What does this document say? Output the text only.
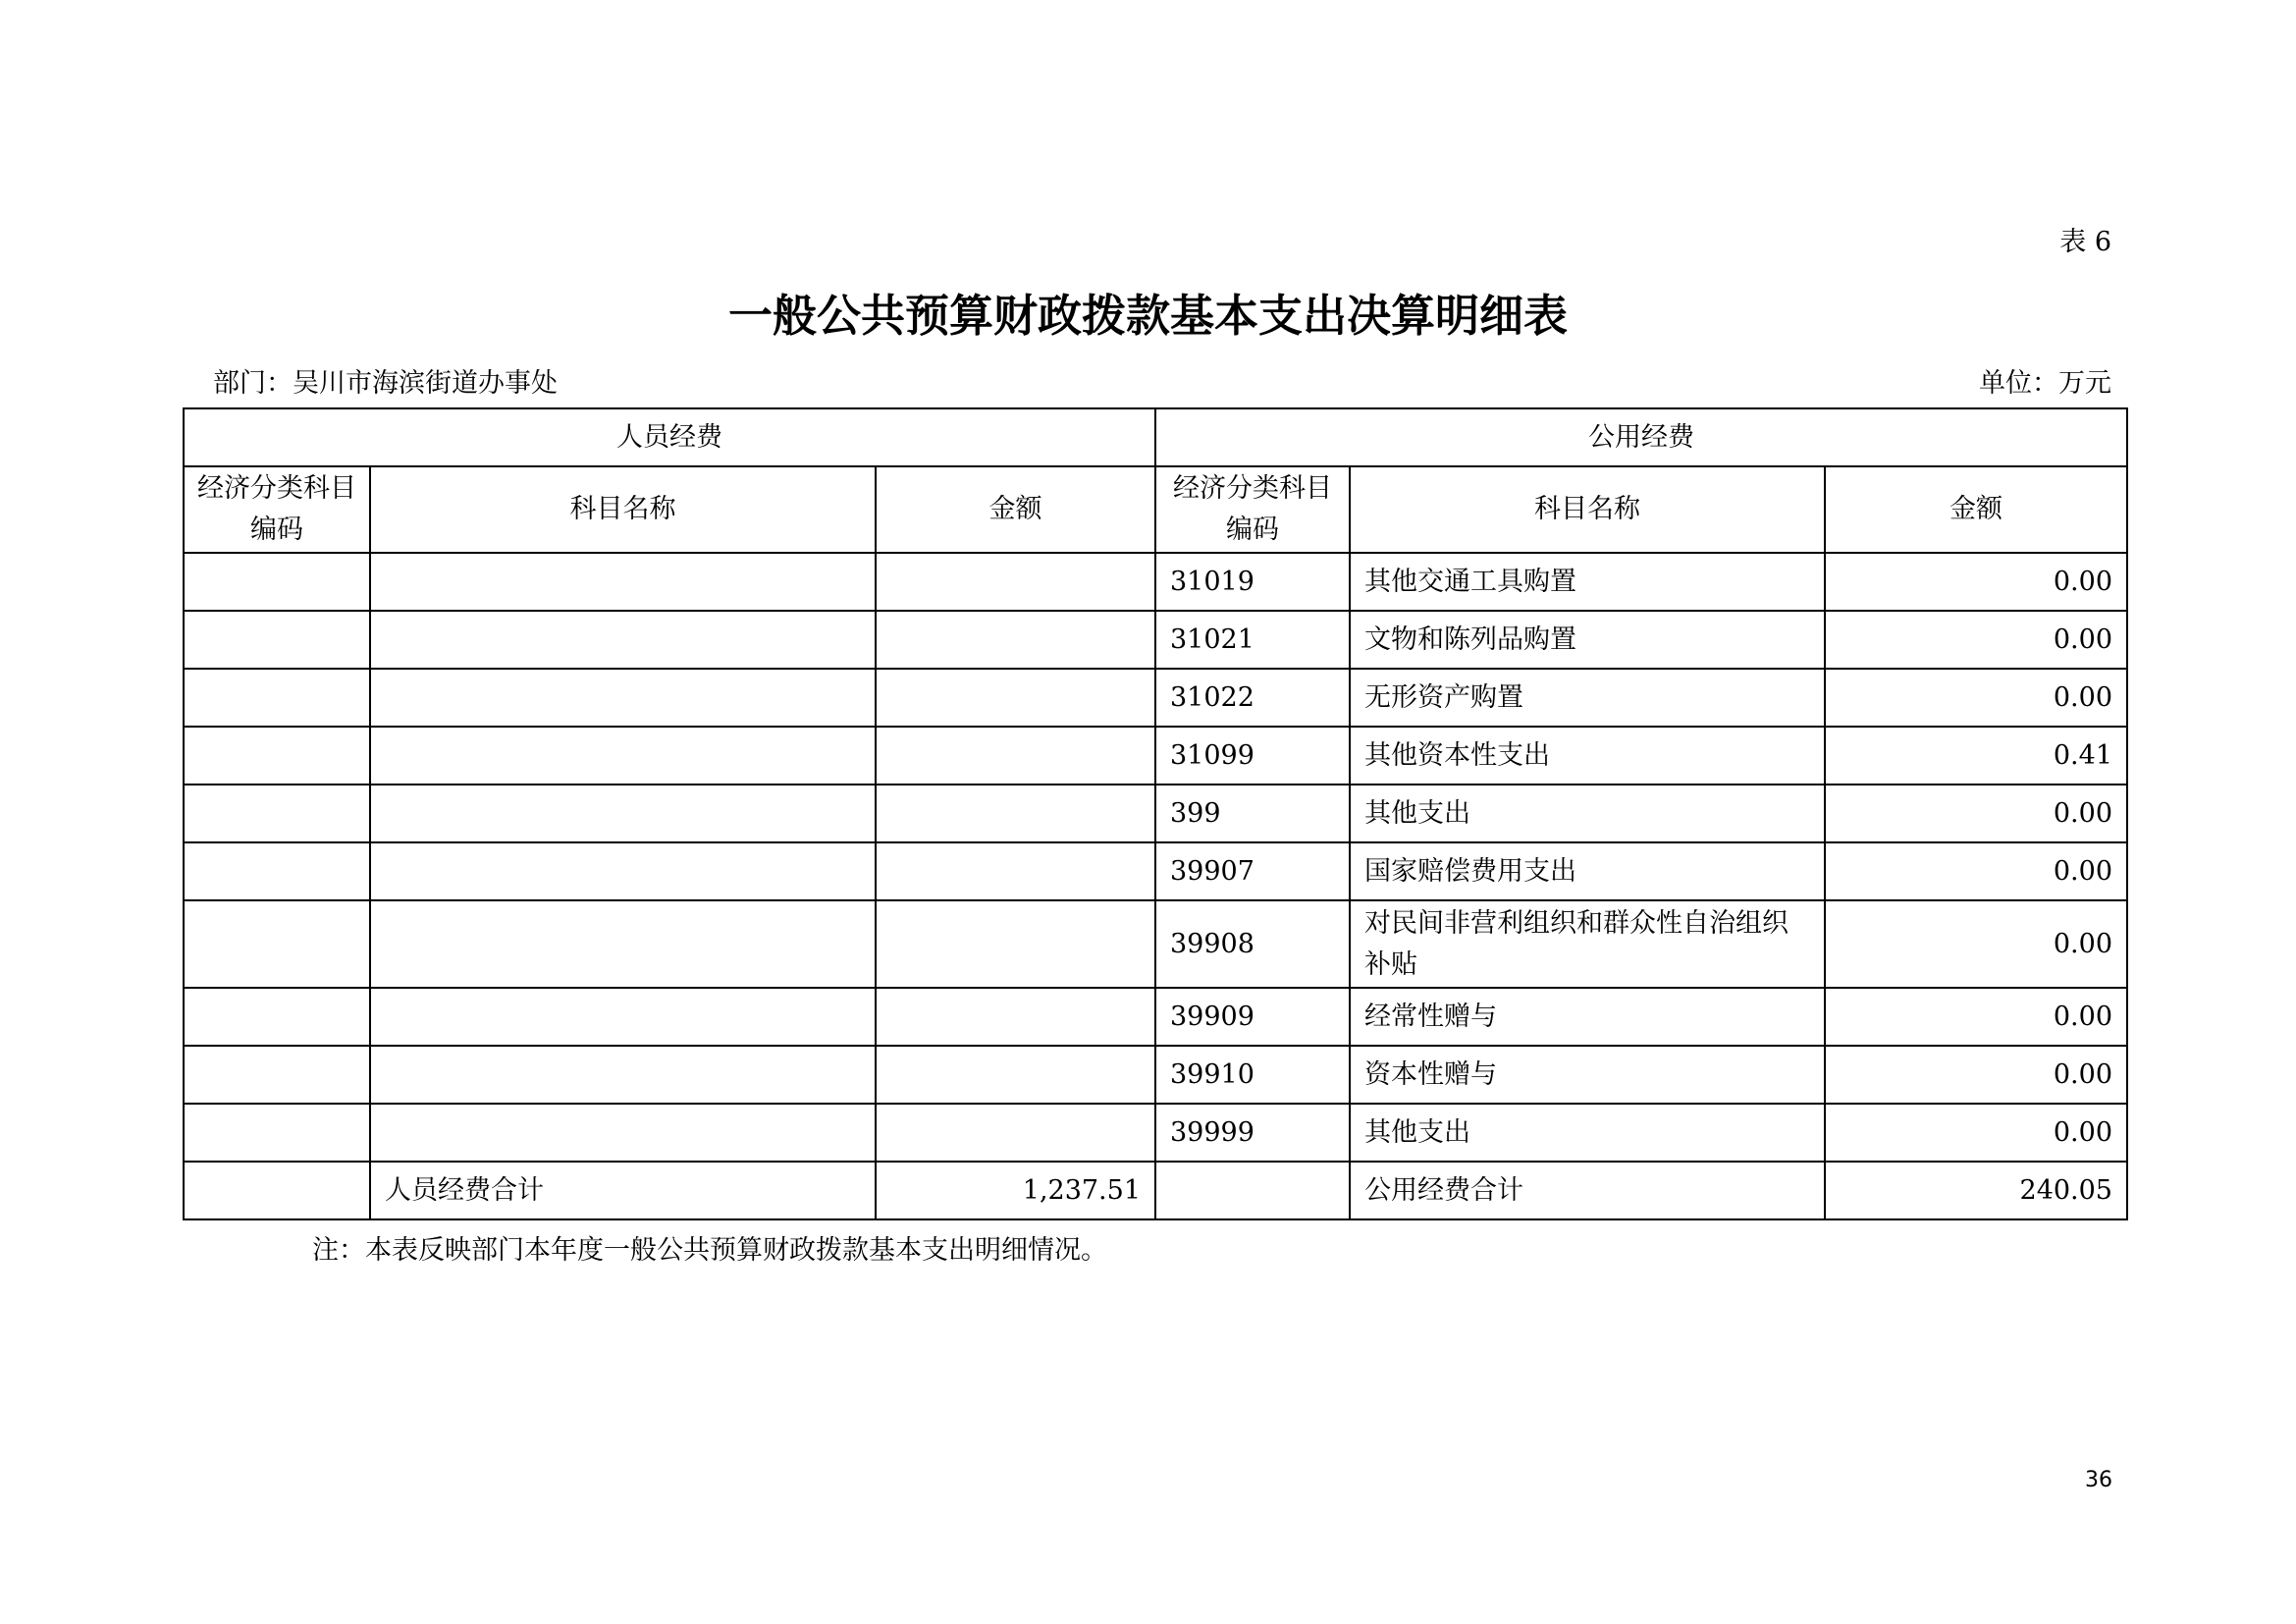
表 6
一般公共预算财政拨款基本支出决算明细表
部门：吴川市海滨街道办事处	单位：万元
人员经费			公用经费		
经济分类科目编码	科目名称	金额	经济分类科目编码	科目名称	金额
			31019	其他交通工具购置	0.00
			31021	文物和陈列品购置	0.00
			31022	无形资产购置	0.00
			31099	其他资本性支出	0.41
			399	其他支出	0.00
			39907	国家赔偿费用支出	0.00
			39908	对民间非营利组织和群众性自治组织补贴	0.00
			39909	经常性赠与	0.00
			39910	资本性赠与	0.00
			39999	其他支出	0.00
	人员经费合计	1,237.51		公用经费合计	240.05
注：本表反映部门本年度一般公共预算财政拨款基本支出明细情况。
36
